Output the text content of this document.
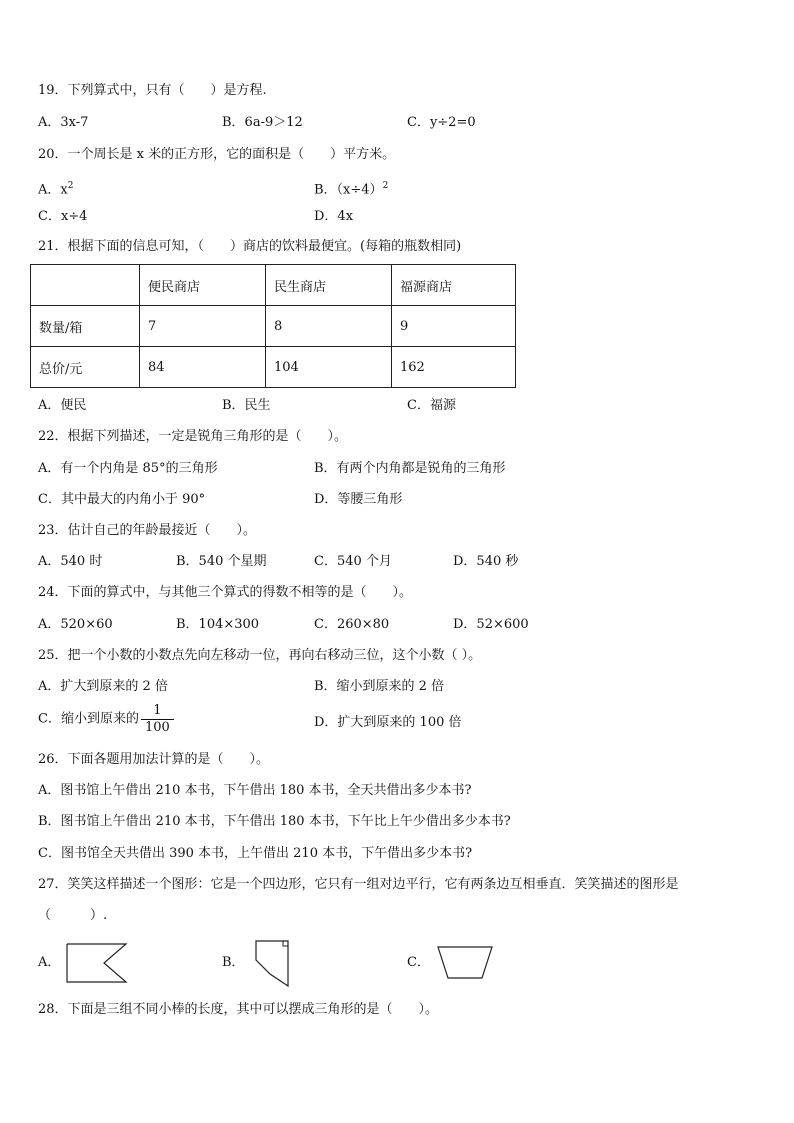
19．下列算式中，只有（　　）是方程.
A．3x-7	B．6a-9＞12	C．y÷2=0
20．一个周长是 x 米的正方形，它的面积是（　　）平方米。
A．$x^2$	B．$(x\div 4)^2$
C．x÷4	D．4x
21．根据下面的信息可知，（　　）商店的饮料最便宜。(每箱的瓶数相同)
	便民商店	民生商店	福源商店
数量/箱	7	8	9
总价/元	84	104	162
A．便民	B．民生	C．福源
22．根据下列描述，一定是锐角三角形的是（　　）。
A．有一个内角是 85°的三角形	B．有两个内角都是锐角的三角形
C．其中最大的内角小于 90°	D．等腰三角形
23．估计自己的年龄最接近（　　）。
A．540 时	B．540 个星期	C．540 个月	D．540 秒
24．下面的算式中，与其他三个算式的得数不相等的是（　　）。
A．520×60	B．104×300	C．260×80	D．52×600
25．把一个小数的小数点先向左移动一位，再向右移动三位，这个小数（ ）。
A．扩大到原来的 2 倍	B．缩小到原来的 2 倍
C．缩小到原来的 $\frac{1}{100}$	D．扩大到原来的 100 倍
26．下面各题用加法计算的是（　　）。
A．图书馆上午借出 210 本书，下午借出 180 本书，全天共借出多少本书?
B．图书馆上午借出 210 本书，下午借出 180 本书，下午比上午少借出多少本书?
C．图书馆全天共借出 390 本书，上午借出 210 本书，下午借出多少本书?
27．笑笑这样描述一个图形：它是一个四边形，它只有一组对边平行，它有两条边互相垂直．笑笑描述的图形是
（　　　）.
A．	B．	C．
28．下面是三组不同小棒的长度，其中可以摆成三角形的是（　　）。
